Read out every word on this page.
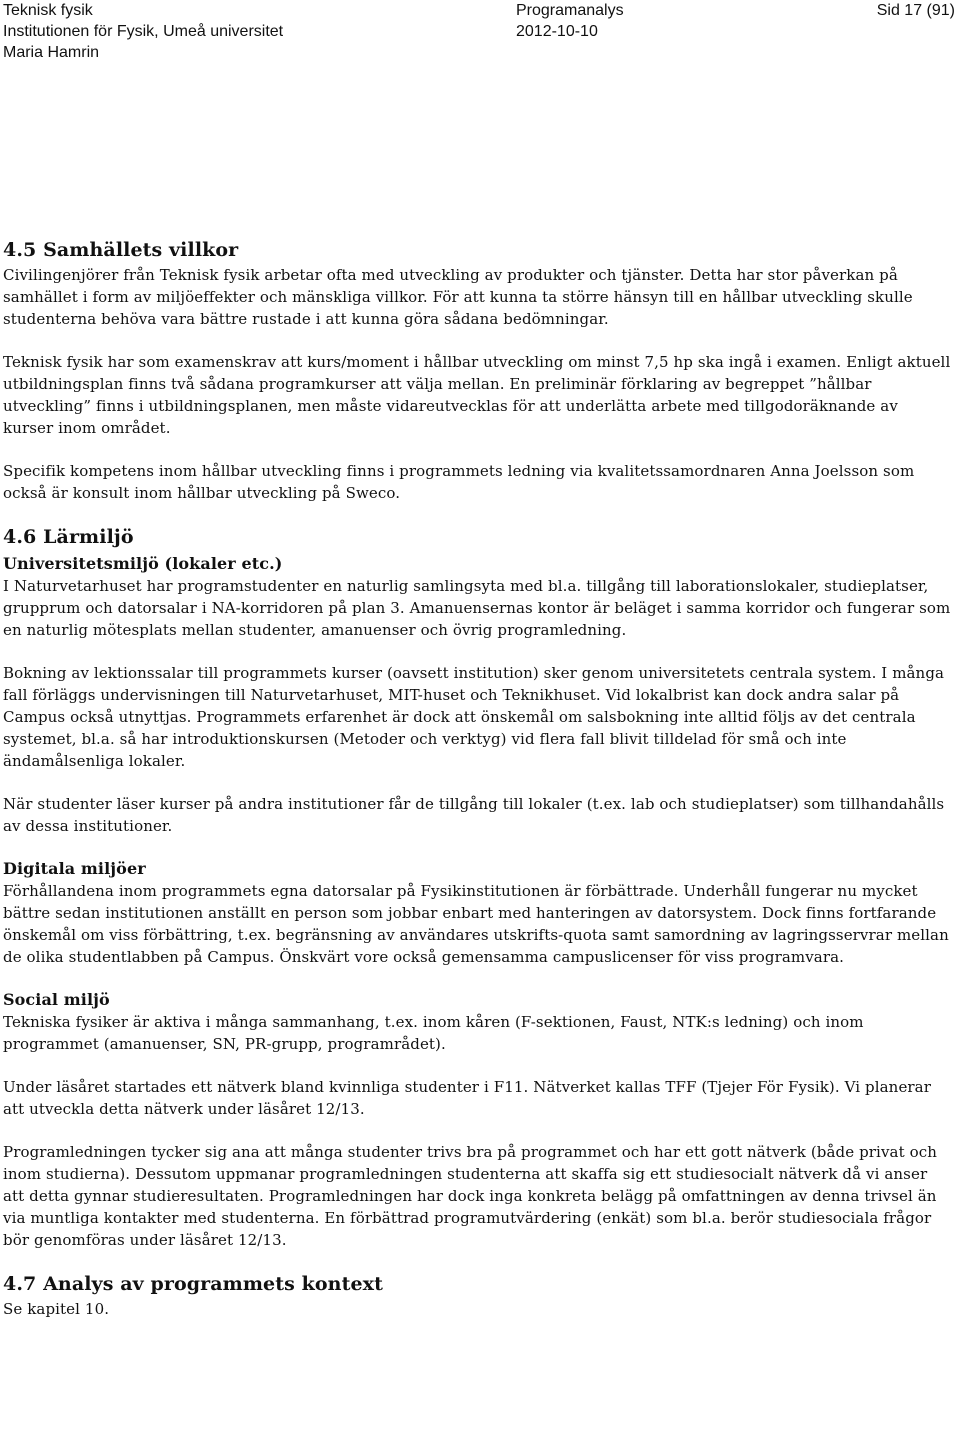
Teknisk fysik
Institutionen för Fysik, Umeå universitet
Maria Hamrin
Programanalys
2012-10-10
Sid 17 (91)
4.5 Samhällets villkor

Civilingenjörer från Teknisk fysik arbetar ofta med utveckling av produkter och tjänster. Detta har stor påverkan på samhället i form av miljöeffekter och mänskliga villkor. För att kunna ta större hänsyn till en hållbar utveckling skulle studenterna behöva vara bättre rustade i att kunna göra sådana bedömningar.

Teknisk fysik har som examenskrav att kurs/moment i hållbar utveckling om minst 7,5 hp ska ingå i examen. Enligt aktuell utbildningsplan finns två sådana programkurser att välja mellan. En preliminär förklaring av begreppet ”hållbar utveckling” finns i utbildningsplanen, men måste vidareutvecklas för att underlätta arbete med tillgodoräknande av kurser inom området.

Specifik kompetens inom hållbar utveckling finns i programmets ledning via kvalitetssamordnaren Anna Joelsson som också är konsult inom hållbar utveckling på Sweco.

4.6 Lärmiljö
Universitetsmiljö (lokaler etc.)

I Naturvetarhuset har programstudenter en naturlig samlingsyta med bl.a. tillgång till laborationslokaler, studieplatser, grupprum och datorsalar i NA-korridoren på plan 3. Amanuensernas kontor är beläget i samma korridor och fungerar som en naturlig mötesplats mellan studenter, amanuenser och övrig programledning.

Bokning av lektionssalar till programmets kurser (oavsett institution) sker genom universitetets centrala system. I många fall förläggs undervisningen till Naturvetarhuset, MIT-huset och Teknikhuset. Vid lokalbrist kan dock andra salar på Campus också utnyttjas. Programmets erfarenhet är dock att önskemål om salsbokning inte alltid följs av det centrala systemet, bl.a. så har introduktionskursen (Metoder och verktyg) vid flera fall blivit tilldelad för små och inte ändamålsenliga lokaler.

När studenter läser kurser på andra institutioner får de tillgång till lokaler (t.ex. lab och studieplatser) som tillhandahålls av dessa institutioner.

Digitala miljöer

Förhållandena inom programmets egna datorsalar på Fysikinstitutionen är förbättrade. Underhåll fungerar nu mycket bättre sedan institutionen anställt en person som jobbar enbart med hanteringen av datorsystem. Dock finns fortfarande önskemål om viss förbättring, t.ex. begränsning av användares utskrifts-quota samt samordning av lagringsservrar mellan de olika studentlabben på Campus. Önskvärt vore också gemensamma campuslicenser för viss programvara.

Social miljö

Tekniska fysiker är aktiva i många sammanhang, t.ex. inom kåren (F-sektionen, Faust, NTK:s ledning) och inom programmet (amanuenser, SN, PR-grupp, programrådet).

Under läsåret startades ett nätverk bland kvinnliga studenter i F11. Nätverket kallas TFF (Tjejer För Fysik). Vi planerar att utveckla detta nätverk under läsåret 12/13.

Programledningen tycker sig ana att många studenter trivs bra på programmet och har ett gott nätverk (både privat och inom studierna). Dessutom uppmanar programledningen studenterna att skaffa sig ett studiesocialt nätverk då vi anser att detta gynnar studieresultaten. Programledningen har dock inga konkreta belägg på omfattningen av denna trivsel än via muntliga kontakter med studenterna. En förbättrad programutvärdering (enkät) som bl.a. berör studiesociala frågor bör genomföras under läsåret 12/13.

4.7 Analys av programmets kontext

Se kapitel 10.
